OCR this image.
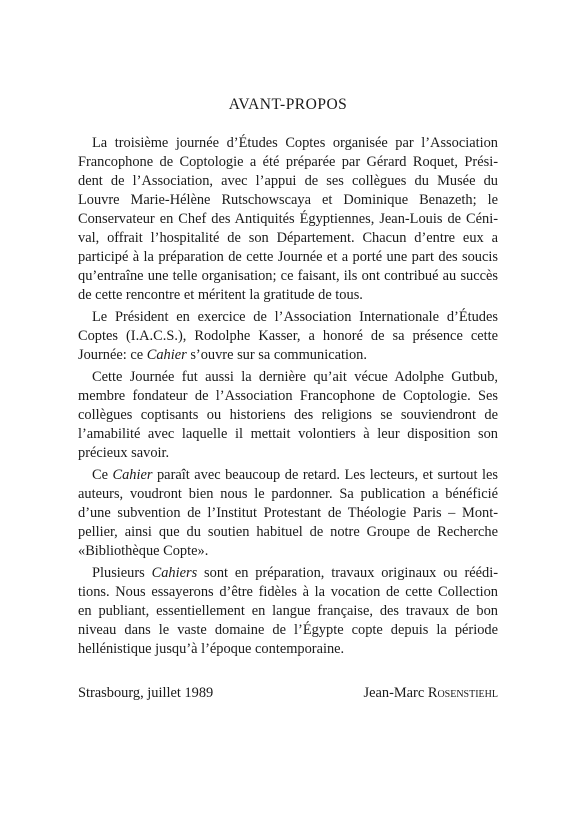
AVANT-PROPOS

La troisième journée d’Études Coptes organisée par l’Association
Francophone de Coptologie a été préparée par Gérard Roquet, Prési-
dent de l’Association, avec l’appui de ses collègues du Musée du
Louvre Marie-Hélène Rutschowscaya et Dominique Benazeth; le
Conservateur en Chef des Antiquités Égyptiennes, Jean-Louis de Céni-
val, offrait l’hospitalité de son Département. Chacun d’entre eux a
participé à la préparation de cette Journée et a porté une part des soucis
qu’entraîne une telle organisation; ce faisant, ils ont contribué au succès
de cette rencontre et méritent la gratitude de tous.

Le Président en exercice de l’Association Internationale d’Études
Coptes (I.A.C.S.), Rodolphe Kasser, a honoré de sa présence cette
Journée: ce Cahier s’ouvre sur sa communication.

Cette Journée fut aussi la dernière qu’ait vécue Adolphe Gutbub,
membre fondateur de l’Association Francophone de Coptologie. Ses
collègues coptisants ou historiens des religions se souviendront de
l’amabilité avec laquelle il mettait volontiers à leur disposition son
précieux savoir.

Ce Cahier paraît avec beaucoup de retard. Les lecteurs, et surtout les
auteurs, voudront bien nous le pardonner. Sa publication a bénéficié
d’une subvention de l’Institut Protestant de Théologie Paris – Mont-
pellier, ainsi que du soutien habituel de notre Groupe de Recherche
«Bibliothèque Copte».

Plusieurs Cahiers sont en préparation, travaux originaux ou réédi-
tions. Nous essayerons d’être fidèles à la vocation de cette Collection
en publiant, essentiellement en langue française, des travaux de bon
niveau dans le vaste domaine de l’Égypte copte depuis la période
hellénistique jusqu’à l’époque contemporaine.

Strasbourg, juillet 1989	Jean-Marc Rosenstiehl
